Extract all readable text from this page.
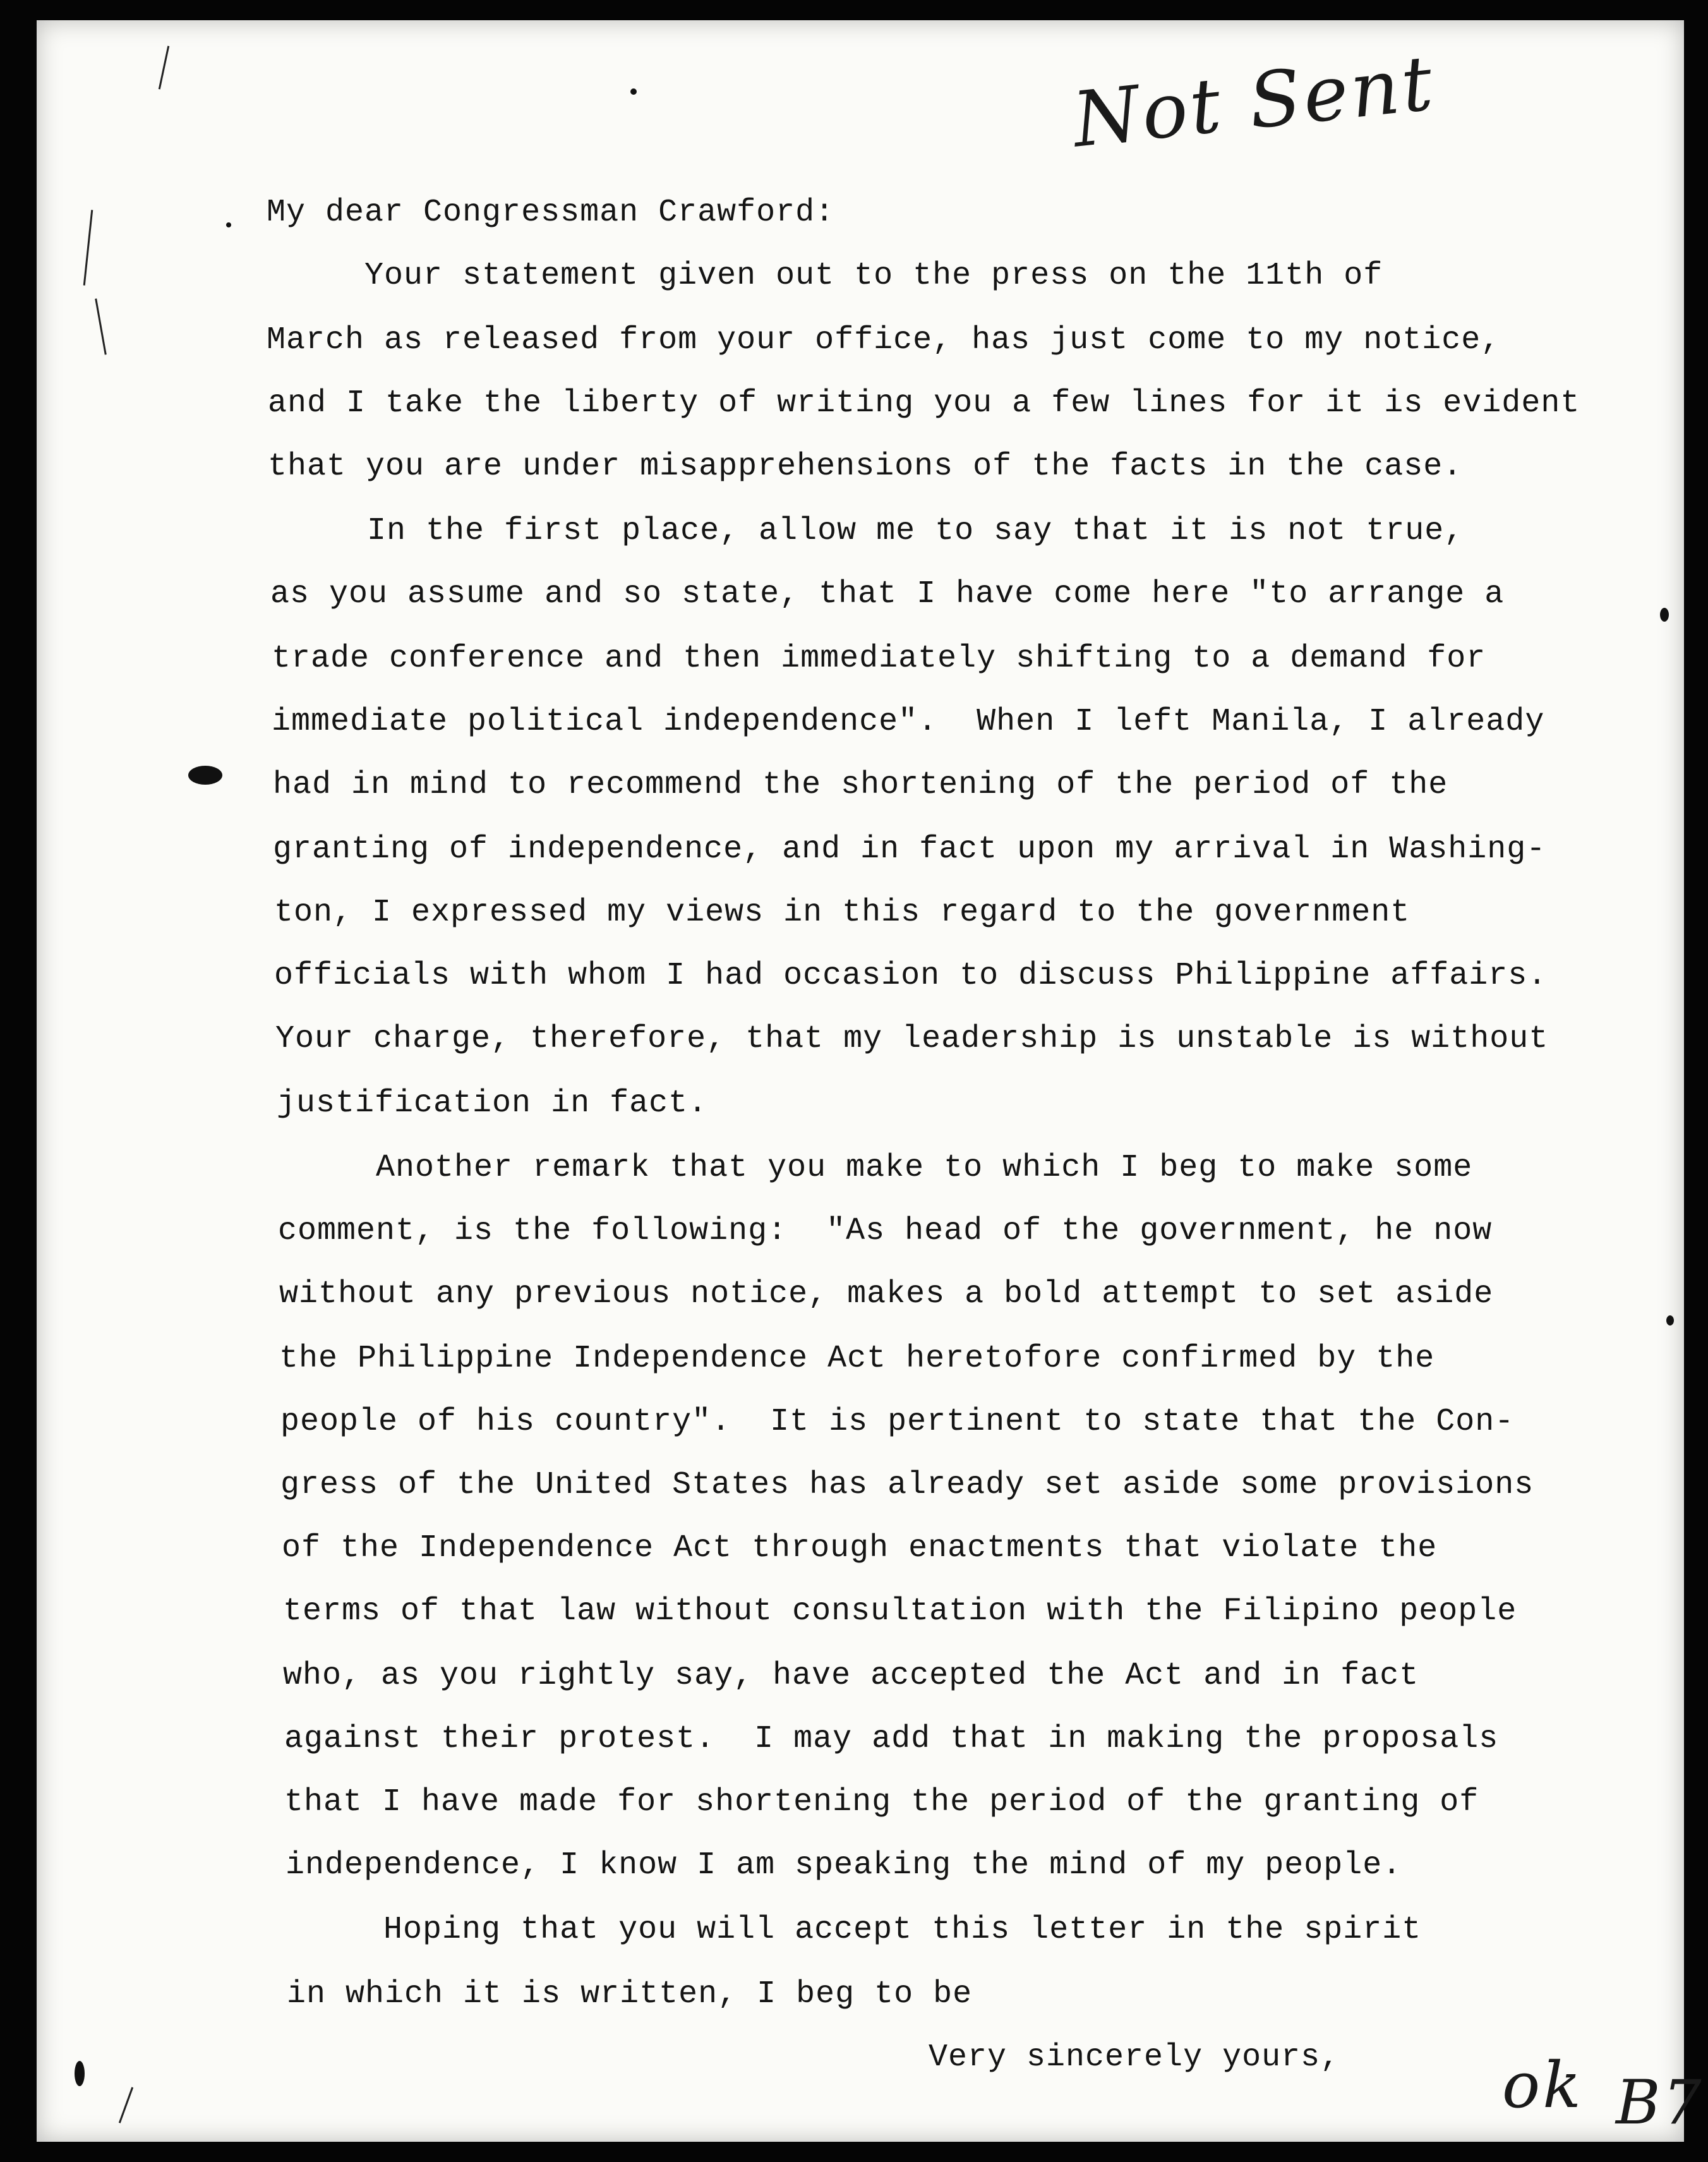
Not Sent
My dear Congressman Crawford:
Your statement given out to the press on the 11th of
March as released from your office, has just come to my notice,
and I take the liberty of writing you a few lines for it is evident
that you are under misapprehensions of the facts in the case.
In the first place, allow me to say that it is not true,
as you assume and so state, that I have come here "to arrange a
trade conference and then immediately shifting to a demand for
immediate political independence".  When I left Manila, I already
had in mind to recommend the shortening of the period of the
granting of independence, and in fact upon my arrival in Washing-
ton, I expressed my views in this regard to the government
officials with whom I had occasion to discuss Philippine affairs.
Your charge, therefore, that my leadership is unstable is without
justification in fact.
Another remark that you make to which I beg to make some
comment, is the following:  "As head of the government, he now
without any previous notice, makes a bold attempt to set aside
the Philippine Independence Act heretofore confirmed by the
people of his country".  It is pertinent to state that the Con-
gress of the United States has already set aside some provisions
of the Independence Act through enactments that violate the
terms of that law without consultation with the Filipino people
who, as you rightly say, have accepted the Act and in fact
against their protest.  I may add that in making the proposals
that I have made for shortening the period of the granting of
independence, I know I am speaking the mind of my people.
Hoping that you will accept this letter in the spirit
in which it is written, I beg to be
Very sincerely yours,	ok B7
